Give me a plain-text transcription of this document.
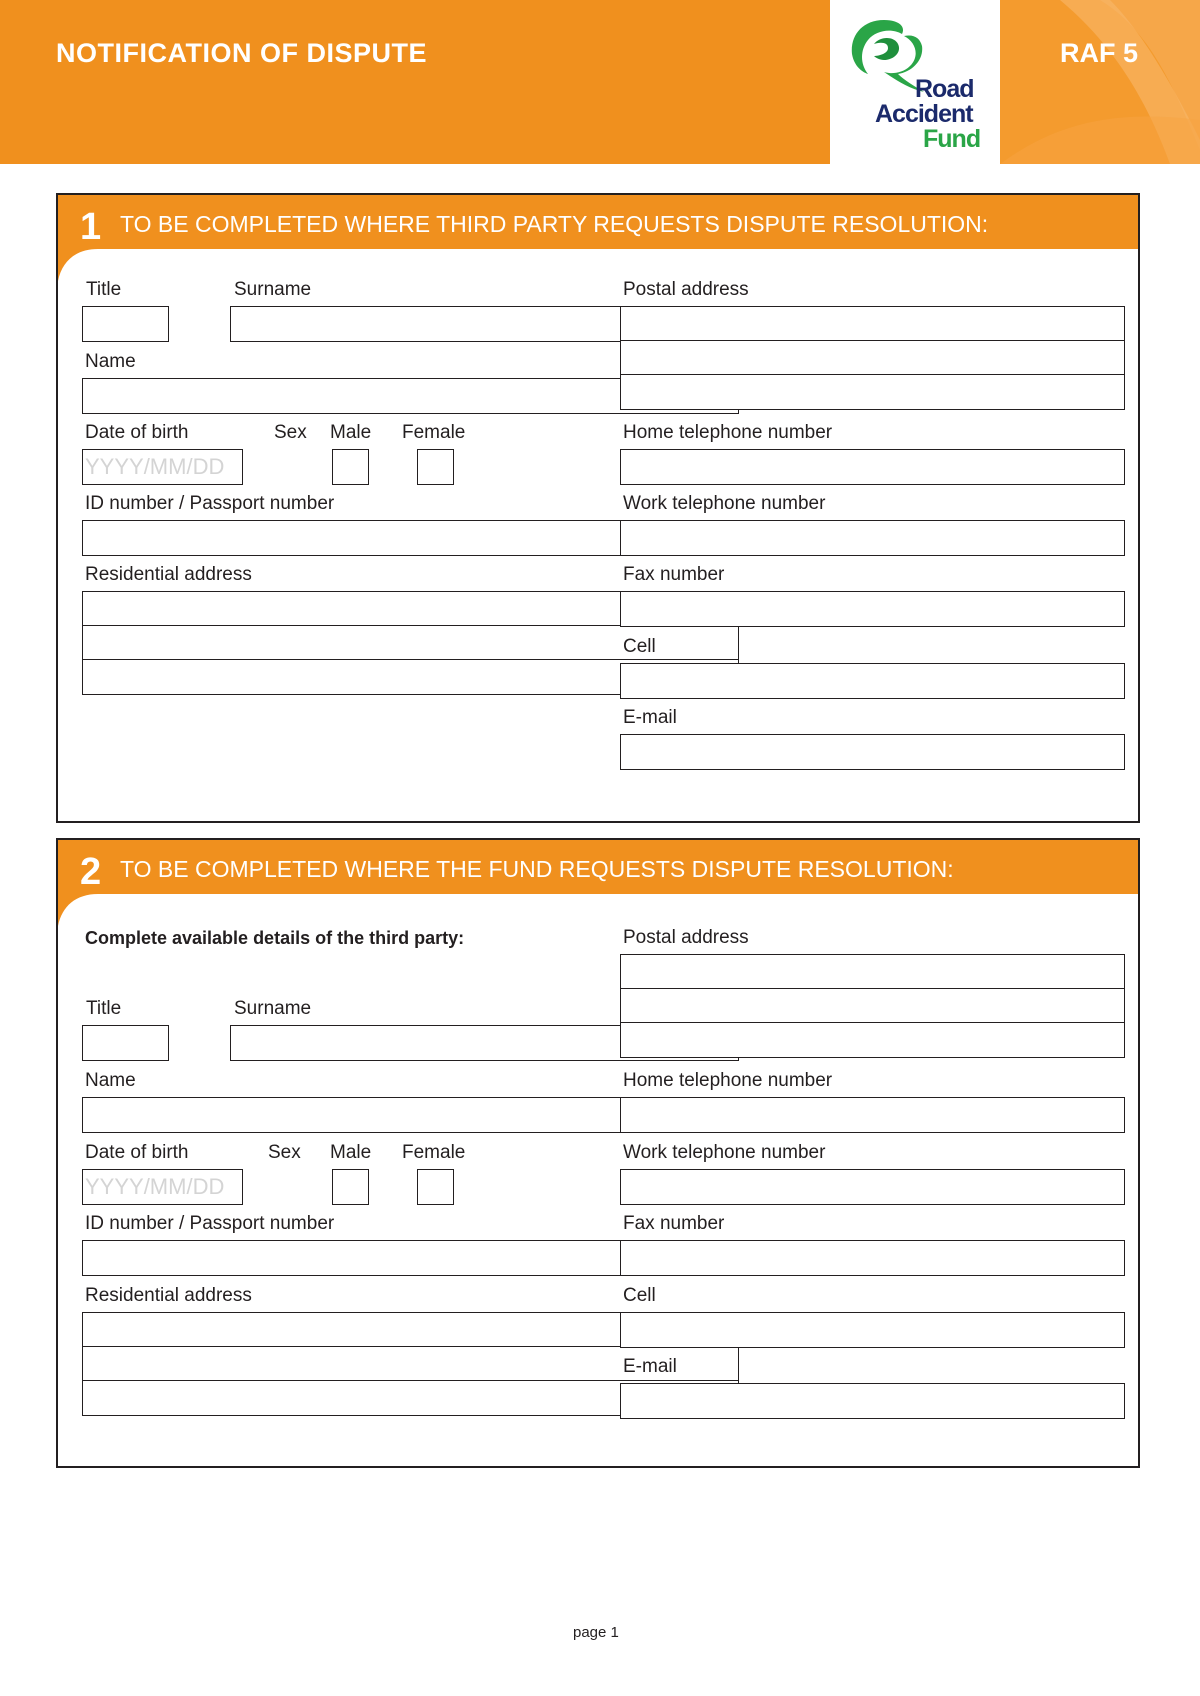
Road
Accident
Fund
NOTIFICATION OF DISPUTE	RAF 5
1 TO BE COMPLETED WHERE THIRD PARTY REQUESTS DISPUTE RESOLUTION:
Title	Surname
Name
Date of birth	Sex Male Female
YYYY/MM/DD
ID number / Passport number
Residential address
Postal address
Home telephone number
Work telephone number
Fax number
Cell
E-mail
2 TO BE COMPLETED WHERE THE FUND REQUESTS DISPUTE RESOLUTION:
Complete available details of the third party:
Title	Surname
Name
Date of birth	Sex Male Female
YYYY/MM/DD
ID number / Passport number
Residential address
Postal address
Home telephone number
Work telephone number
Fax number
Cell
E-mail
page 1
